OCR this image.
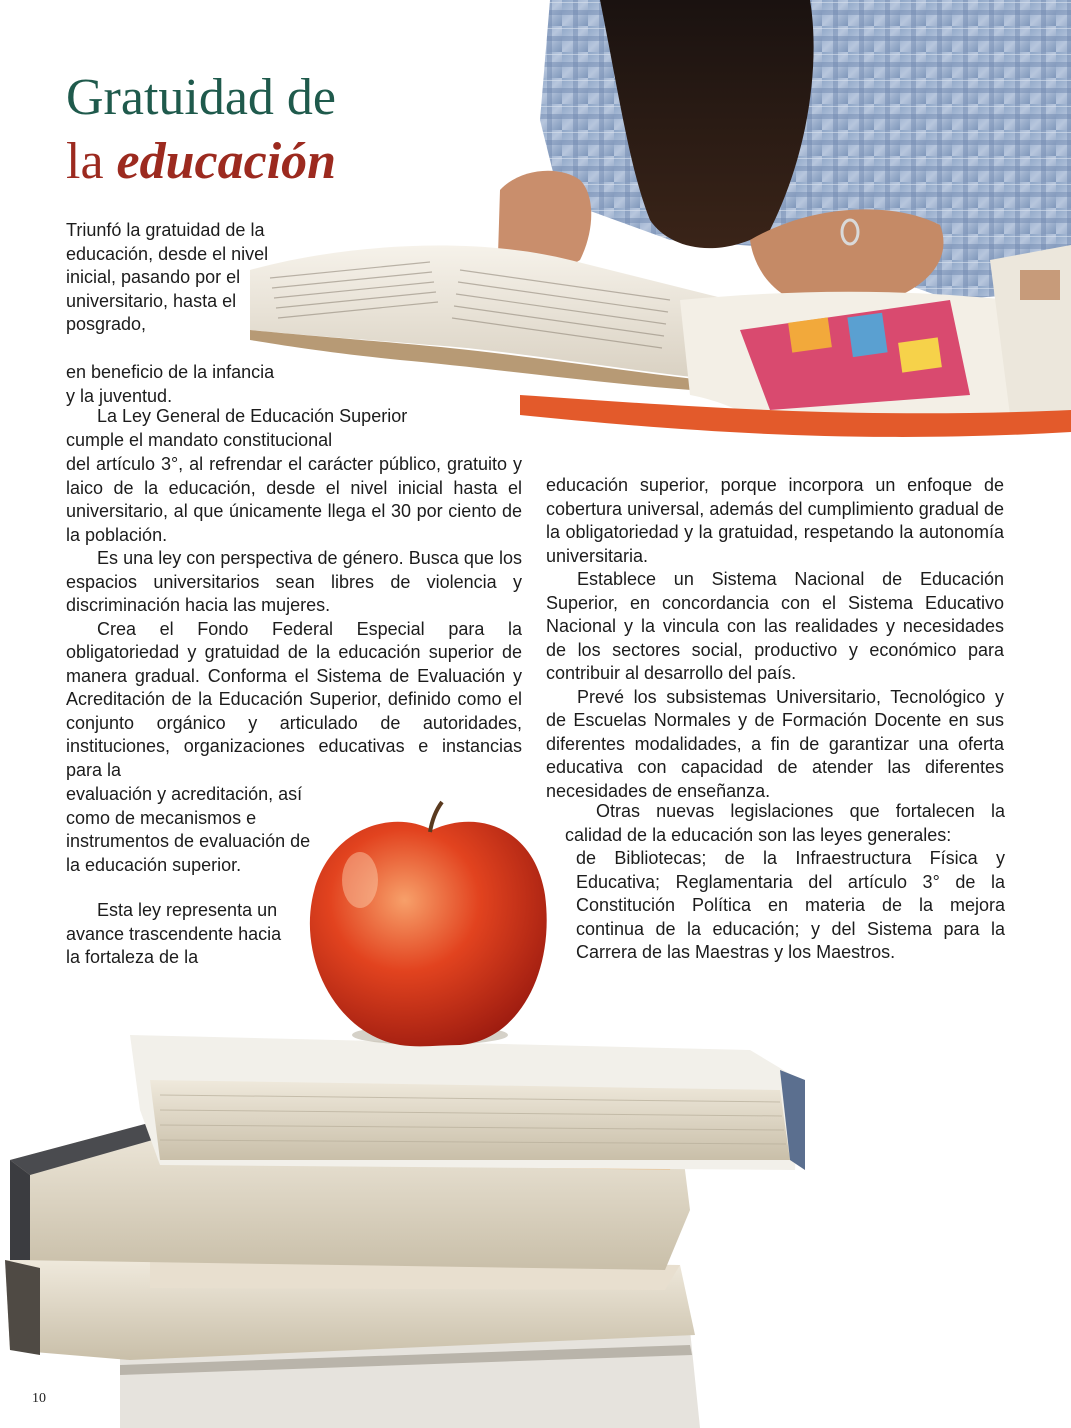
Gratuidad de
la educación

Triunfó la gratuidad de la educación, desde el nivel inicial, pasando por el universitario, hasta el posgrado,

en beneficio de la infancia y la juventud.

La Ley General de Educación Superior cumple el mandato constitucional

del artículo 3°, al refrendar el carácter público, gratuito y laico de la educación, desde el nivel inicial hasta el universitario, al que únicamente llega el 30 por ciento de la población.

Es una ley con perspectiva de género. Busca que los espacios universitarios sean libres de violencia y discriminación hacia las mujeres.

Crea el Fondo Federal Especial para la obligatoriedad y gratuidad de la educación superior de manera gradual. Conforma el Sistema de Evaluación y Acreditación de la Educación Superior, definido como el conjunto orgánico y articulado de autoridades, instituciones, organizaciones educativas e instancias para la

evaluación y acreditación, así como de mecanismos e instrumentos de evaluación de la educación superior.

Esta ley representa un avance trascendente hacia la fortaleza de la

educación superior, porque incorpora un enfoque de cobertura universal, además del cumplimiento gradual de la obligatoriedad y la gratuidad, respetando la autonomía universitaria.

Establece un Sistema Nacional de Educación Superior, en concordancia con el Sistema Educativo Nacional y la vincula con las realidades y necesidades de los sectores social, productivo y económico para contribuir al desarrollo del país.

Prevé los subsistemas Universitario, Tecnológico y de Escuelas Normales y de Formación Docente en sus diferentes modalidades, a fin de garantizar una oferta educativa con capacidad de atender las diferentes necesidades de enseñanza.

Otras nuevas legislaciones que fortalecen la calidad de la educación son las leyes generales:

de Bibliotecas; de la Infraestructura Física y Educativa; Reglamentaria del artículo 3° de la Constitución Política en materia de la mejora continua de la educación; y del Sistema para la Carrera de las Maestras y los Maestros.

10
